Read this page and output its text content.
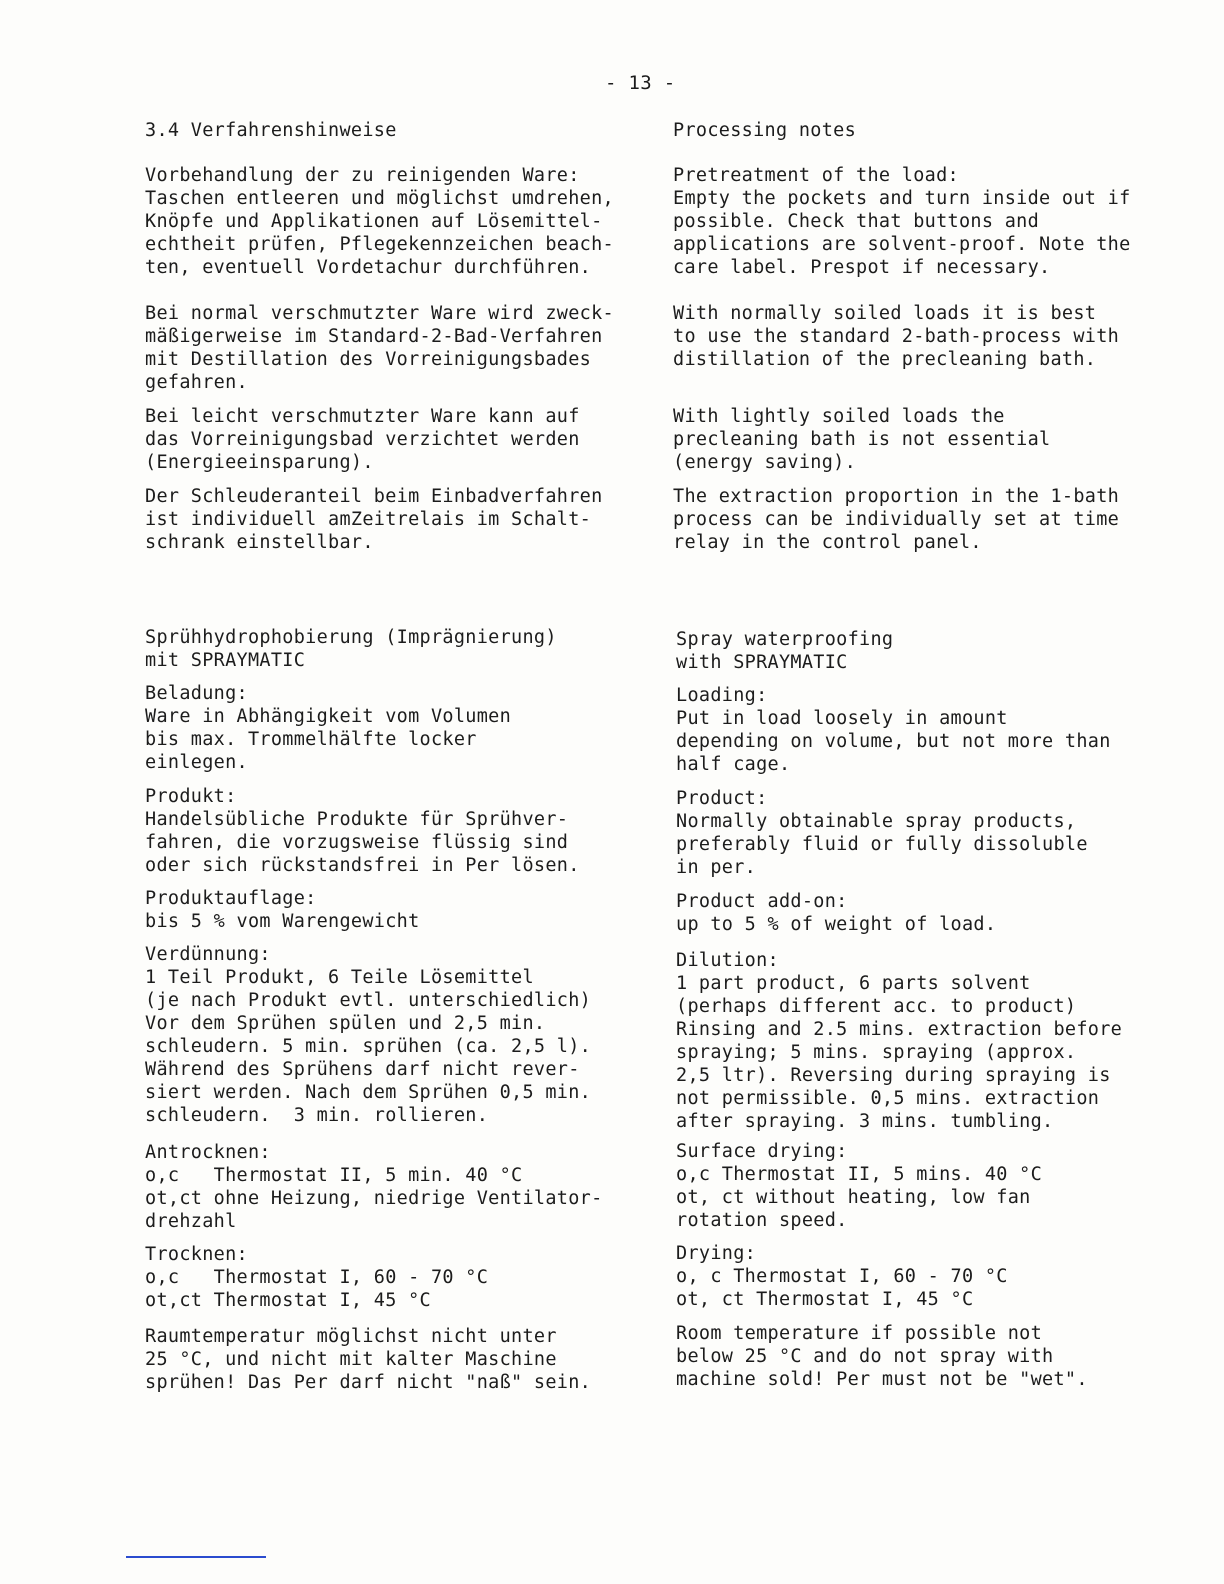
- 13 -
3.4 Verfahrenshinweise
Vorbehandlung der zu reinigenden Ware:
Taschen entleeren und möglichst umdrehen,
Knöpfe und Applikationen auf Lösemittel-
echtheit prüfen, Pflegekennzeichen beach-
ten, eventuell Vordetachur durchführen.
Bei normal verschmutzter Ware wird zweck-
mäßigerweise im Standard-2-Bad-Verfahren
mit Destillation des Vorreinigungsbades
gefahren.
Bei leicht verschmutzter Ware kann auf
das Vorreinigungsbad verzichtet werden
(Energieeinsparung).
Der Schleuderanteil beim Einbadverfahren
ist individuell amZeitrelais im Schalt-
schrank einstellbar.
Sprühhydrophobierung (Imprägnierung)
mit SPRAYMATIC
Beladung:
Ware in Abhängigkeit vom Volumen
bis max. Trommelhälfte locker
einlegen.
Produkt:
Handelsübliche Produkte für Sprühver-
fahren, die vorzugsweise flüssig sind
oder sich rückstandsfrei in Per lösen.
Produktauflage:
bis 5 % vom Warengewicht
Verdünnung:
1 Teil Produkt, 6 Teile Lösemittel
(je nach Produkt evtl. unterschiedlich)
Vor dem Sprühen spülen und 2,5 min.
schleudern. 5 min. sprühen (ca. 2,5 l).
Während des Sprühens darf nicht rever-
siert werden. Nach dem Sprühen 0,5 min.
schleudern.  3 min. rollieren.
Antrocknen:
o,c   Thermostat II, 5 min. 40 °C
ot,ct ohne Heizung, niedrige Ventilator-
drehzahl
Trocknen:
o,c   Thermostat I, 60 - 70 °C
ot,ct Thermostat I, 45 °C
Raumtemperatur möglichst nicht unter
25 °C, und nicht mit kalter Maschine
sprühen! Das Per darf nicht "naß" sein.
Processing notes
Pretreatment of the load:
Empty the pockets and turn inside out if
possible. Check that buttons and
applications are solvent-proof. Note the
care label. Prespot if necessary.
With normally soiled loads it is best
to use the standard 2-bath-process with
distillation of the precleaning bath.
With lightly soiled loads the
precleaning bath is not essential
(energy saving).
The extraction proportion in the 1-bath
process can be individually set at time
relay in the control panel.
Spray waterproofing
with SPRAYMATIC
Loading:
Put in load loosely in amount
depending on volume, but not more than
half cage.
Product:
Normally obtainable spray products,
preferably fluid or fully dissoluble
in per.
Product add-on:
up to 5 % of weight of load.
Dilution:
1 part product, 6 parts solvent
(perhaps different acc. to product)
Rinsing and 2.5 mins. extraction before
spraying; 5 mins. spraying (approx.
2,5 ltr). Reversing during spraying is
not permissible. 0,5 mins. extraction
after spraying. 3 mins. tumbling.
Surface drying:
o,c Thermostat II, 5 mins. 40 °C
ot, ct without heating, low fan
rotation speed.
Drying:
o, c Thermostat I, 60 - 70 °C
ot, ct Thermostat I, 45 °C
Room temperature if possible not
below 25 °C and do not spray with
machine sold! Per must not be "wet".
